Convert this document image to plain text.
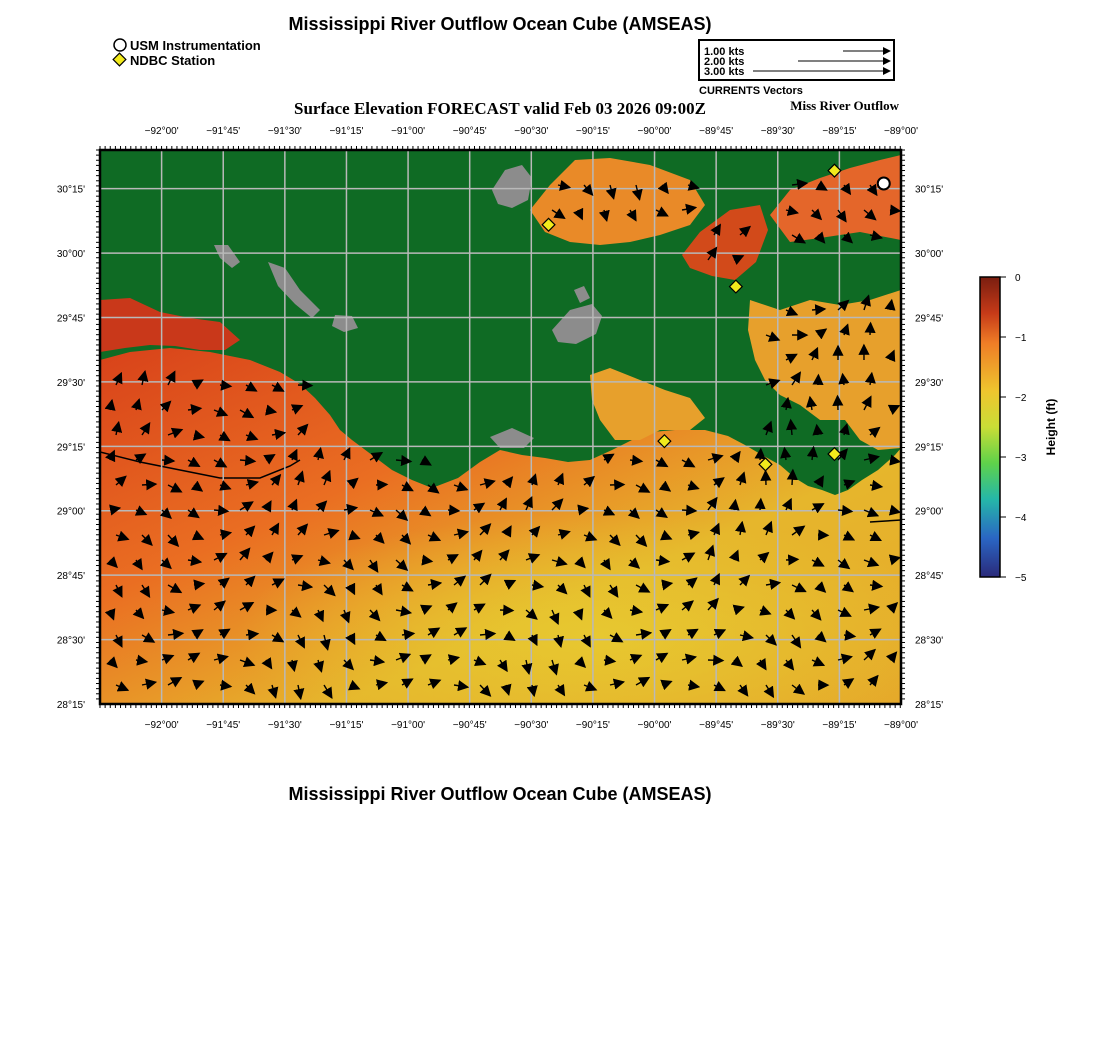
Mississippi River Outflow Ocean Cube (AMSEAS)
USM Instrumentation
NDBC Station
1.00 kts
2.00 kts
3.00 kts
CURRENTS Vectors
Surface Elevation FORECAST valid Feb 03 2026 09:00Z	Miss River Outflow
−92°00'
−92°00'
−91°45'
−91°45'
−91°30'
−91°30'
−91°15'
−91°15'
−91°00'
−91°00'
−90°45'
−90°45'
−90°30'
−90°30'
−90°15'
−90°15'
−90°00'
−90°00'
−89°45'
−89°45'
−89°30'
−89°30'
−89°15'
−89°15'
−89°00'
−89°00'
30°15'	30°15'
30°00'	30°00'
29°45'	29°45'
29°30'	29°30'
29°15'	29°15'
29°00'	29°00'
28°45'	28°45'
28°30'	28°30'
28°15'	28°15'
0
−1
−2
−3
−4
−5
Height (ft)
Mississippi River Outflow Ocean Cube (AMSEAS)
